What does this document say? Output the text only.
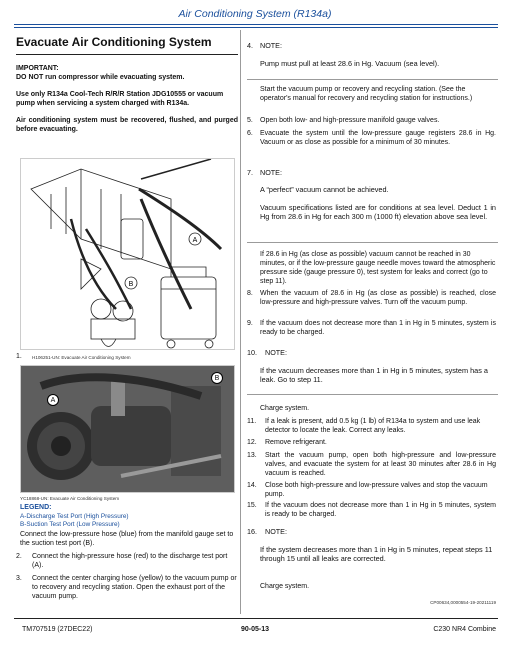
Air Conditioning System (R134a)
Evacuate Air Conditioning System
IMPORTANT:
DO NOT run compressor while evacuating system.
Use only R134a Cool-Tech R/R/R Station JDG10555 or vacuum pump when servicing a system charged with R134a.
Air conditioning system must be recovered, flushed, and purged before evacuating.
A
B
1. H106251-UN: Evacuate Air Conditioning System
A
B
YC18868-UN: Evacuate Air Conditioning System
LEGEND:
A-Discharge Test Port (High Pressure)
B-Suction Test Port (Low Pressure)
Connect the low-pressure hose (blue) from the manifold gauge set to the suction test port (B).
2. Connect the high-pressure hose (red) to the discharge test port (A).
3. Connect the center charging hose (yellow) to the vacuum pump or to recovery and recycling station. Open the exhaust port of the vacuum pump.
4. NOTE:
Pump must pull at least 28.6 in Hg. Vacuum (sea level).
Start the vacuum pump or recovery and recycling station. (See the operator's manual for recovery and recycling station for instructions.)
5. Open both low- and high-pressure manifold gauge valves.
6. Evacuate the system until the low-pressure gauge registers 28.6 in Hg. Vacuum or as close as possible for a minimum of 30 minutes.
7. NOTE:
A “perfect” vacuum cannot be achieved.
Vacuum specifications listed are for conditions at sea level. Deduct 1 in Hg from 28.6 in Hg for each 300 m (1000 ft) elevation above sea level.
If 28.6 in Hg (as close as possible) vacuum cannot be reached in 30 minutes, or if the low-pressure gauge needle moves toward the atmospheric pressure side (gauge pressure 0), test system for leaks and correct (go to step 11).
8. When the vacuum of 28.6 in Hg (as close as possible) is reached, close low-pressure and high-pressure valves. Turn off the vacuum pump.
9. If the vacuum does not decrease more than 1 in Hg in 5 minutes, system is ready to be charged.
10. NOTE:
If the vacuum decreases more than 1 in Hg in 5 minutes, system has a leak. Go to step 11.
Charge system.
11. If a leak is present, add 0.5 kg (1 lb) of R134a to system and use leak detector to locate the leak. Correct any leaks.
12. Remove refrigerant.
13. Start the vacuum pump, open both high-pressure and low-pressure valves, and evacuate the system for at least 30 minutes after 28.6 in Hg vacuum is reached.
14. Close both high-pressure and low-pressure valves and stop the vacuum pump.
15. If the vacuum does not decrease more than 1 in Hg in 5 minutes, system is ready to be charged.
16. NOTE:
If the system decreases more than 1 in Hg in 5 minutes, repeat steps 11 through 15 until all leaks are corrected.
Charge system.
CP00634,0000554-19-20211119
TM707519 (27DEC22)	90-05-13	C230 NR4 Combine
